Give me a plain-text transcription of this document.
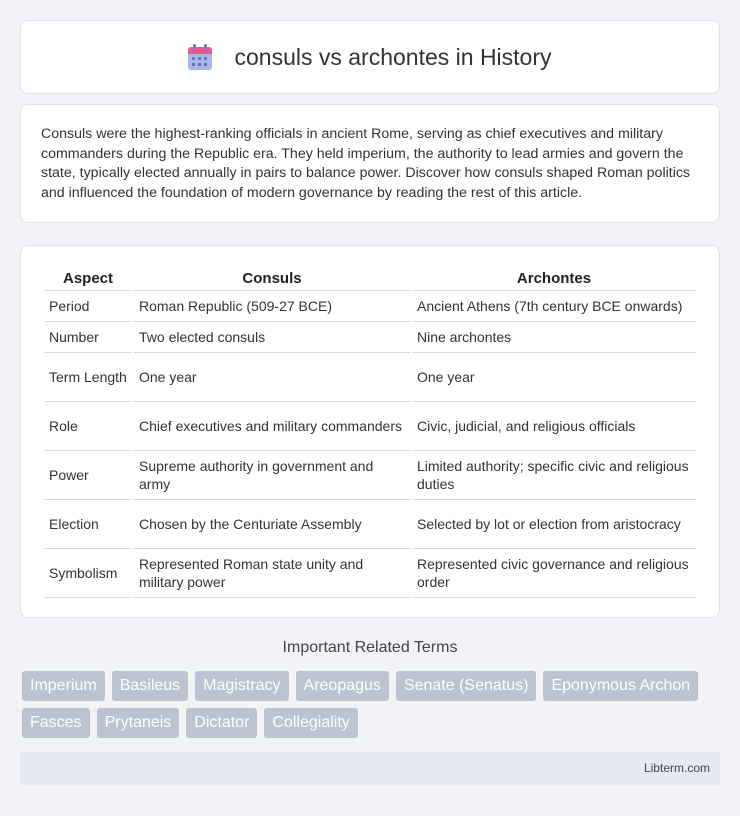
consuls vs archontes in History

Consuls were the highest-ranking officials in ancient Rome, serving as chief executives and military commanders during the Republic era. They held imperium, the authority to lead armies and govern the state, typically elected annually in pairs to balance power. Discover how consuls shaped Roman politics and influenced the foundation of modern governance by reading the rest of this article.

Aspect	Consuls	Archontes
Period	Roman Republic (509-27 BCE)	Ancient Athens (7th century BCE onwards)
Number	Two elected consuls	Nine archontes
Term Length	One year	One year
Role	Chief executives and military commanders	Civic, judicial, and religious officials
Power	Supreme authority in government and army	Limited authority; specific civic and religious duties
Election	Chosen by the Centuriate Assembly	Selected by lot or election from aristocracy
Symbolism	Represented Roman state unity and military power	Represented civic governance and religious order
Important Related Terms
Imperium	Basileus	Magistracy	Areopagus	Senate (Senatus)	Eponymous Archon
Fasces	Prytaneis	Dictator	Collegiality
Libterm.com
